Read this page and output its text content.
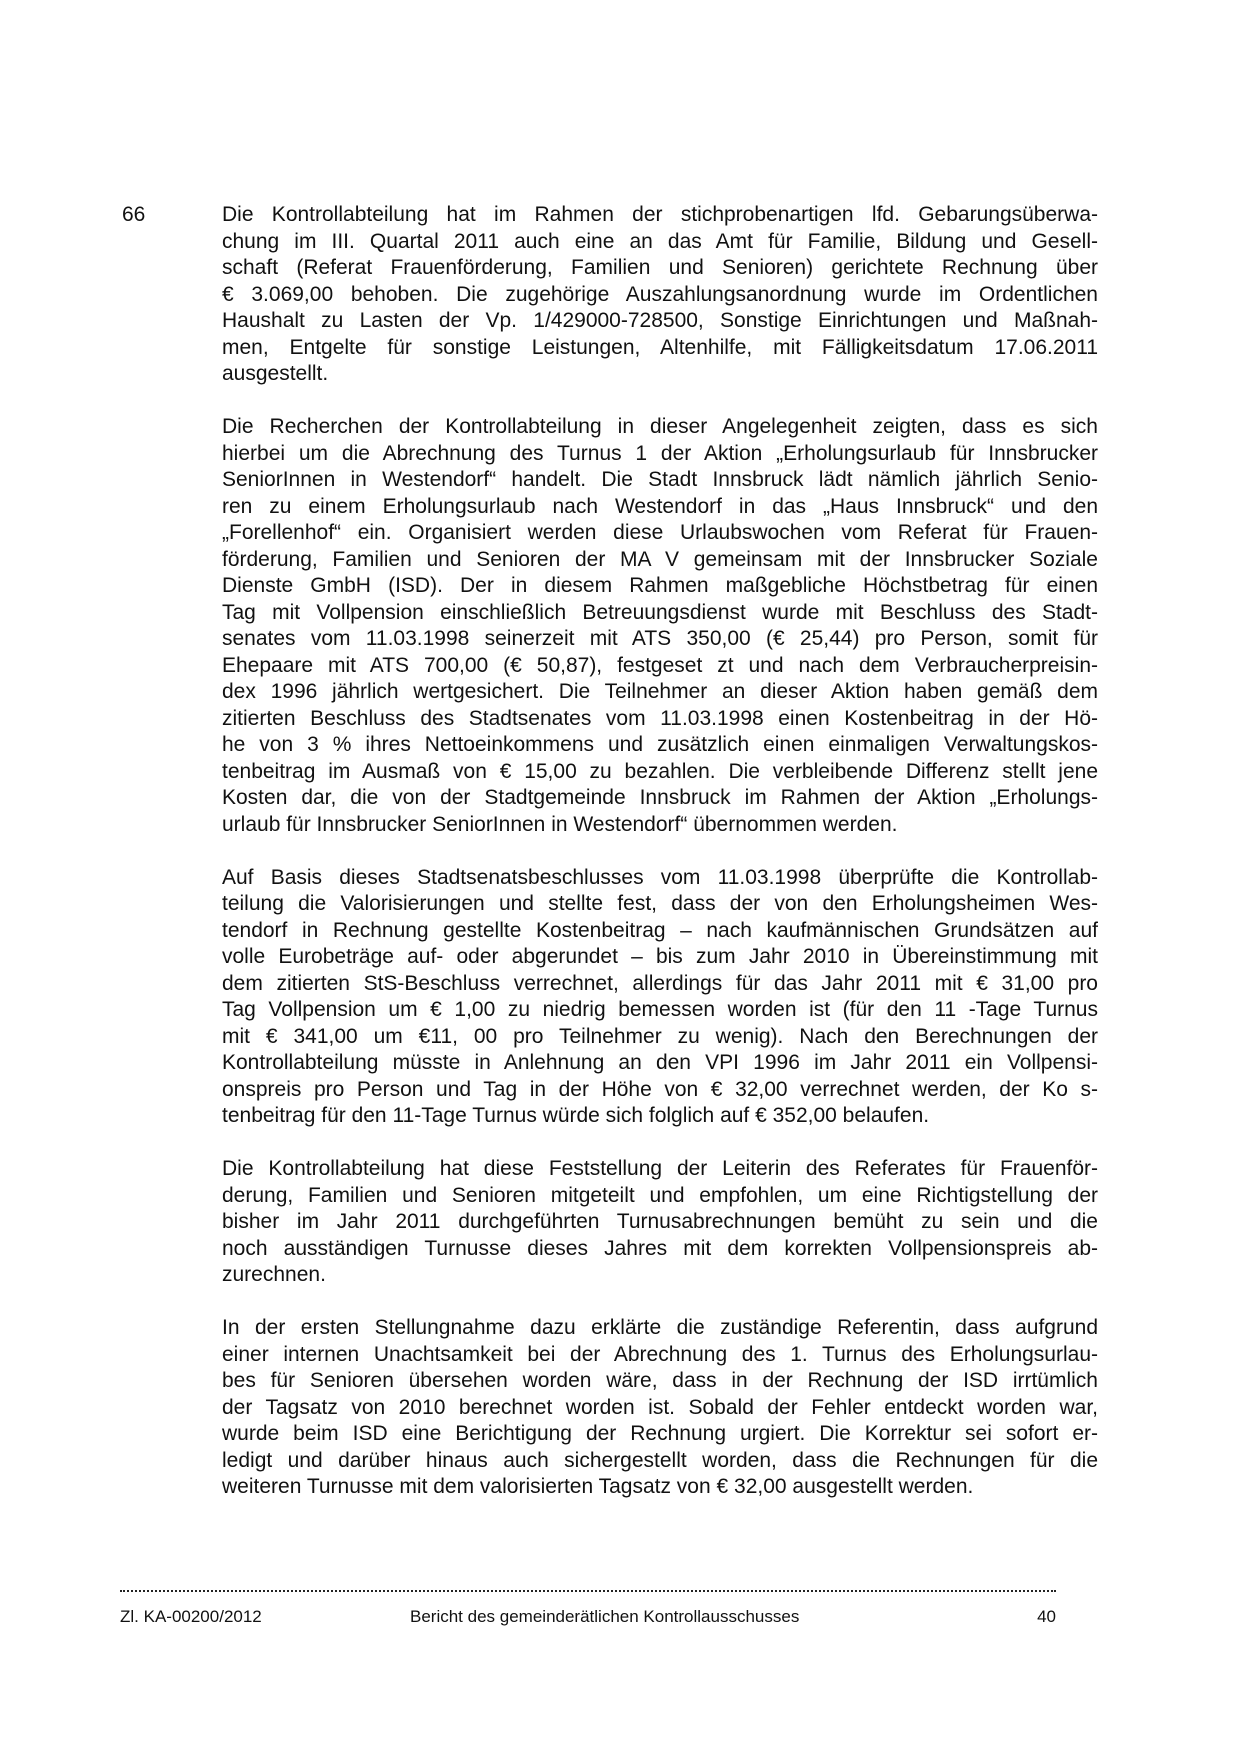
66	Die Kontrollabteilung hat im Rahmen der stichprobenartigen lfd. Gebarungsüberwa-
chung im III. Quartal 2011 auch eine an das Amt für Familie, Bildung und Gesell-
schaft (Referat Frauenförderung, Familien und Senioren) gerichtete Rechnung über
€ 3.069,00 behoben. Die zugehörige Auszahlungsanordnung wurde im Ordentlichen
Haushalt zu Lasten der Vp. 1/429000-728500, Sonstige Einrichtungen und Maßnah-
men, Entgelte für sonstige Leistungen, Altenhilfe, mit Fälligkeitsdatum 17.06.2011
ausgestellt.
Die Recherchen der Kontrollabteilung in dieser Angelegenheit zeigten, dass es sich
hierbei um die Abrechnung des Turnus 1 der Aktion „Erholungsurlaub für Innsbrucker
SeniorInnen in Westendorf“ handelt. Die Stadt Innsbruck lädt nämlich jährlich Senio-
ren zu einem Erholungsurlaub nach Westendorf in das „Haus Innsbruck“ und den
„Forellenhof“ ein. Organisiert werden diese Urlaubswochen vom Referat für Frauen-
förderung, Familien und Senioren der MA V gemeinsam mit der Innsbrucker Soziale
Dienste GmbH (ISD). Der in diesem Rahmen maßgebliche Höchstbetrag für einen
Tag mit Vollpension einschließlich Betreuungsdienst wurde mit Beschluss des Stadt-
senates vom 11.03.1998 seinerzeit mit ATS 350,00 (€ 25,44) pro Person, somit für
Ehepaare mit ATS 700,00 (€ 50,87), festgeset zt und nach dem Verbraucherpreisin-
dex 1996 jährlich wertgesichert. Die Teilnehmer an dieser Aktion haben gemäß dem
zitierten Beschluss des Stadtsenates vom 11.03.1998 einen Kostenbeitrag in der Hö-
he von 3 % ihres Nettoeinkommens und zusätzlich einen einmaligen Verwaltungskos-
tenbeitrag im Ausmaß von € 15,00 zu bezahlen. Die verbleibende Differenz stellt jene
Kosten dar, die von der Stadtgemeinde Innsbruck im Rahmen der Aktion „Erholungs-
urlaub für Innsbrucker SeniorInnen in Westendorf“ übernommen werden.
Auf Basis dieses Stadtsenatsbeschlusses vom 11.03.1998 überprüfte die Kontrollab-
teilung die Valorisierungen und stellte fest, dass der von den Erholungsheimen Wes-
tendorf in Rechnung gestellte Kostenbeitrag – nach kaufmännischen Grundsätzen auf
volle Eurobeträge auf- oder abgerundet – bis zum Jahr 2010 in Übereinstimmung mit
dem zitierten StS-Beschluss verrechnet, allerdings für das Jahr 2011 mit € 31,00 pro
Tag Vollpension um € 1,00 zu niedrig bemessen worden ist (für den 11 -Tage Turnus
mit € 341,00 um €11, 00 pro Teilnehmer zu wenig). Nach den Berechnungen der
Kontrollabteilung müsste in Anlehnung an den VPI 1996 im Jahr 2011 ein Vollpensi-
onspreis pro Person und Tag in der Höhe von € 32,00 verrechnet werden, der Ko s-
tenbeitrag für den 11-Tage Turnus würde sich folglich auf € 352,00 belaufen.
Die Kontrollabteilung hat diese Feststellung der Leiterin des Referates für Frauenför-
derung, Familien und Senioren mitgeteilt und empfohlen, um eine Richtigstellung der
bisher im Jahr 2011 durchgeführten Turnusabrechnungen bemüht zu sein und die
noch ausständigen Turnusse dieses Jahres mit dem korrekten Vollpensionspreis ab-
zurechnen.
In der ersten Stellungnahme dazu erklärte die zuständige Referentin, dass aufgrund
einer internen Unachtsamkeit bei der Abrechnung des 1. Turnus des Erholungsurlau-
bes für Senioren übersehen worden wäre, dass in der Rechnung der ISD irrtümlich
der Tagsatz von 2010 berechnet worden ist. Sobald der Fehler entdeckt worden war,
wurde beim ISD eine Berichtigung der Rechnung urgiert. Die Korrektur sei sofort er-
ledigt und darüber hinaus auch sichergestellt worden, dass die Rechnungen für die
weiteren Turnusse mit dem valorisierten Tagsatz von € 32,00 ausgestellt werden.
Zl. KA-00200/2012	Bericht des gemeinderätlichen Kontrollausschusses	40
